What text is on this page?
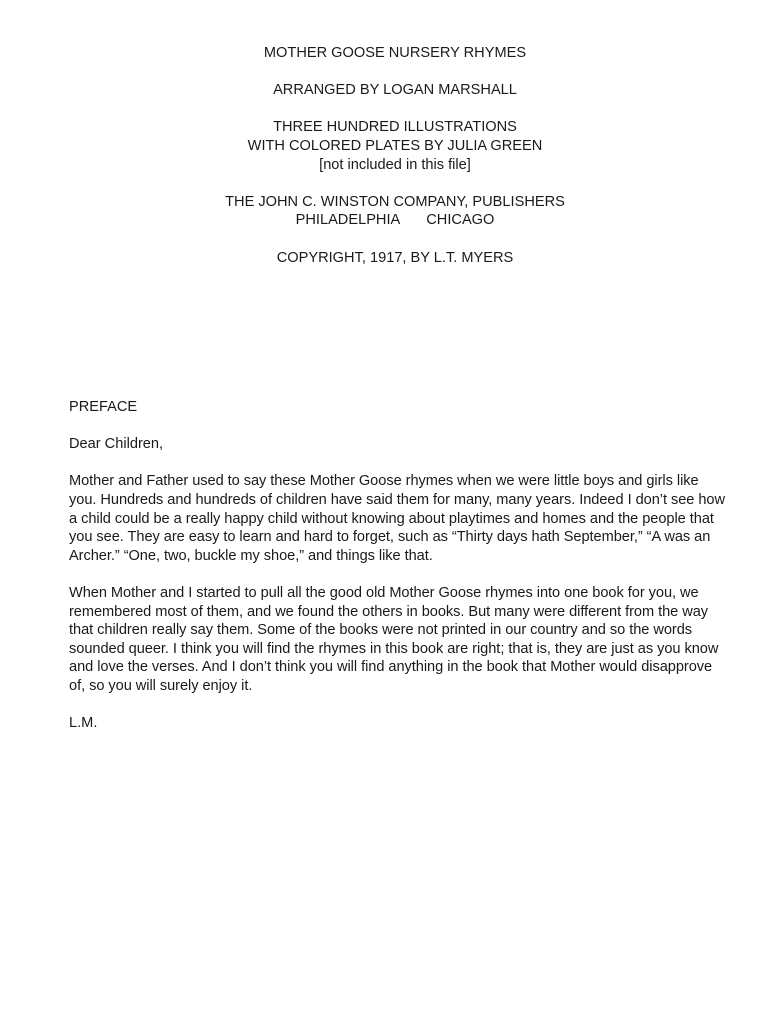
MOTHER GOOSE NURSERY RHYMES
ARRANGED BY LOGAN MARSHALL
THREE HUNDRED ILLUSTRATIONS
WITH COLORED PLATES BY JULIA GREEN
[not included in this file]
THE JOHN C. WINSTON COMPANY, PUBLISHERS
PHILADELPHIA CHICAGO
COPYRIGHT, 1917, BY L.T. MYERS

PREFACE

Dear Children,

Mother and Father used to say these Mother Goose rhymes when we were little boys and girls like you. Hundreds and hundreds of children have said them for many, many years. Indeed I don’t see how a child could be a really happy child without knowing about playtimes and homes and the people that you see. They are easy to learn and hard to forget, such as “Thirty days hath September,” “A was an Archer.” “One, two, buckle my shoe,” and things like that.

When Mother and I started to pull all the good old Mother Goose rhymes into one book for you, we remembered most of them, and we found the others in books. But many were different from the way that children really say them. Some of the books were not printed in our country and so the words sounded queer. I think you will find the rhymes in this book are right; that is, they are just as you know and love the verses. And I don’t think you will find anything in the book that Mother would disapprove of, so you will surely enjoy it.

L.M.
